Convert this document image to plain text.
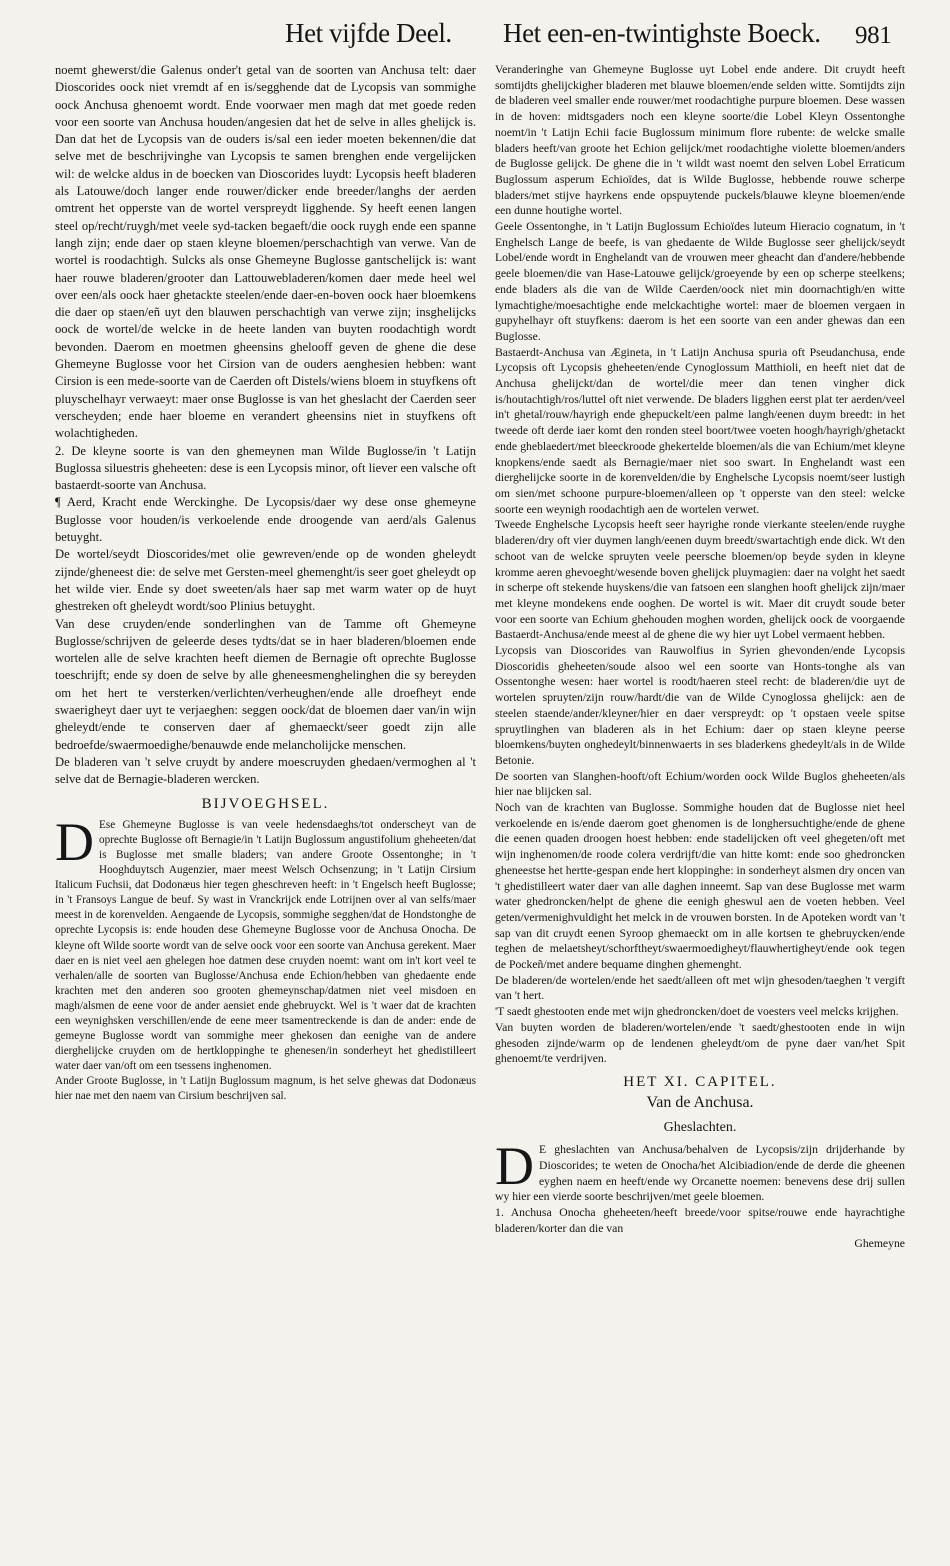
Het vijfde Deel. Het een-en-twintighste Boeck. 981

noemt ghewerst/die Galenus onder't getal van de soorten van Anchusa telt: daer Dioscorides oock niet vremdt af en is/segghende dat de Lycopsis van sommighe oock Anchusa ghenoemt wordt. Ende voorwaer men magh dat met goede reden voor een soorte van Anchusa houden/angesien dat het de selve in alles ghelijck is. Dan dat het de Lycopsis van de ouders is/sal een ieder moeten bekennen/die dat selve met de beschrijvinghe van Lycopsis te samen brenghen ende vergelijcken wil: de welcke aldus in de boecken van Dioscorides luydt: Lycopsis heeft bladeren als Latouwe/doch langer ende rouwer/dicker ende breeder/langhs der aerden omtrent het opperste van de wortel verspreydt ligghende. Sy heeft eenen langen steel op/recht/ruygh/met veele syd-tacken begaeft/die oock ruygh ende een spanne langh zijn; ende daer op staen kleyne bloemen/perschachtigh van verwe. Van de wortel is roodachtigh. Sulcks als onse Ghemeyne Buglosse gantschelijck is: want haer rouwe bladeren/grooter dan Lattouwebladeren/komen daer mede heel wel over een/als oock haer ghetackte steelen/ende daer-en-boven oock haer bloemkens die daer op staen/eñ uyt den blauwen perschachtigh van verwe zijn; insghelijcks oock de wortel/de welcke in de heete landen van buyten roodachtigh wordt bevonden. Daerom en moetmen gheensins ghelooff geven de ghene die dese Ghemeyne Buglosse voor het Cirsion van de ouders aenghesien hebben: want Cirsion is een mede-soorte van de Caerden oft Distels/wiens bloem in stuyfkens oft pluyschelhayr verwaeyt: maer onse Buglosse is van het gheslacht der Caerden seer verscheyden; ende haer bloeme en verandert gheensins niet in stuyfkens oft wolachtigheden.

2. De kleyne soorte is van den ghemeynen man Wilde Buglosse/in 't Latijn Buglossa siluestris gheheeten: dese is een Lycopsis minor, oft liever een valsche oft bastaerdt-soorte van Anchusa.

¶ Aerd, Kracht ende Werckinghe. De Lycopsis/daer wy dese onse ghemeyne Buglosse voor houden/is verkoelende ende droogende van aerd/als Galenus betuyght.

De wortel/seydt Dioscorides/met olie gewreven/ende op de wonden gheleydt zijnde/gheneest die: de selve met Gersten-meel ghemenght/is seer goet gheleydt op het wilde vier. Ende sy doet sweeten/als haer sap met warm water op de huyt ghestreken oft gheleydt wordt/soo Plinius betuyght.

Van dese cruyden/ende sonderlinghen van de Tamme oft Ghemeyne Buglosse/schrijven de geleerde deses tydts/dat se in haer bladeren/bloemen ende wortelen alle de selve krachten heeft diemen de Bernagie oft oprechte Buglosse toeschrijft; ende sy doen de selve by alle gheneesmenghelinghen die sy bereyden om het hert te versterken/verlichten/verheughen/ende alle droefheyt ende swaerigheyt daer uyt te verjaeghen: seggen oock/dat de bloemen daer van/in wijn gheleydt/ende te conserven daer af ghemaeckt/seer goedt zijn alle bedroefde/swaermoedighe/benauwde ende melancholijcke menschen.

De bladeren van 't selve cruydt by andere moescruyden ghedaen/vermoghen al 't selve dat de Bernagie-bladeren wercken.

BIJVOEGHSEL.

D Ese Ghemeyne Buglosse is van veele hedensdaeghs/tot onderscheyt van de oprechte Buglosse oft Bernagie/in 't Latijn Buglossum angustifolium gheheeten/dat is Buglosse met smalle bladers; van andere Groote Ossentonghe; in 't Hooghduytsch Augenzier, maer meest Welsch Ochsenzung; in 't Latijn Cirsium Italicum Fuchsii, dat Dodonæus hier tegen gheschreven heeft: in 't Engelsch heeft Buglosse; in 't Fransoys Langue de beuf. Sy wast in Vranckrijck ende Lotrijnen over al van selfs/maer meest in de korenvelden. Aengaende de Lycopsis, sommighe segghen/dat de Hondstonghe de oprechte Lycopsis is: ende houden dese Ghemeyne Buglosse voor de Anchusa Onocha. De kleyne oft Wilde soorte wordt van de selve oock voor een soorte van Anchusa gerekent. Maer daer en is niet veel aen ghelegen hoe datmen dese cruyden noemt: want om in't kort veel te verhalen/alle de soorten van Buglosse/Anchusa ende Echion/hebben van ghedaente ende krachten met den anderen soo grooten ghemeynschap/datmen niet veel misdoen en magh/alsmen de eene voor de ander aensiet ende ghebruyckt. Wel is 't waer dat de krachten een weynighsken verschillen/ende de eene meer tsamentreckende is dan de ander: ende de gemeyne Buglosse wordt van sommighe meer ghekosen dan eenighe van de andere dierghelijcke cruyden om de hertkloppinghe te ghenesen/in sonderheyt het ghedistilleert water daer van/oft om een tsessens inghenomen.

Ander Groote Buglosse, in 't Latijn Buglossum magnum, is het selve ghewas dat Dodonæus hier nae met den naem van Cirsium beschrijven sal.

Veranderinghe van Ghemeyne Buglosse uyt Lobel ende andere. Dit cruydt heeft somtijdts ghelijckigher bladeren met blauwe bloemen/ende selden witte. Somtijdts zijn de bladeren veel smaller ende rouwer/met roodachtighe purpure bloemen. Dese wassen in de hoven: midtsgaders noch een kleyne soorte/die Lobel Kleyn Ossentonghe noemt/in 't Latijn Echii facie Buglossum minimum flore rubente: de welcke smalle bladers heeft/van groote het Echion gelijck/met roodachtighe violette bloemen/anders de Buglosse gelijck. De ghene die in 't wildt wast noemt den selven Lobel Erraticum Buglossum asperum Echioïdes, dat is Wilde Buglosse, hebbende rouwe scherpe bladers/met stijve hayrkens ende opspuytende puckels/blauwe kleyne bloemen/ende een dunne houtighe wortel.

Geele Ossentonghe, in 't Latijn Buglossum Echioïdes luteum Hieracio cognatum, in 't Enghelsch Lange de beefe, is van ghedaente de Wilde Buglosse seer ghelijck/seydt Lobel/ende wordt in Enghelandt van de vrouwen meer gheacht dan d'andere/hebbende geele bloemen/die van Hase-Latouwe gelijck/groeyende by een op scherpe steelkens; ende bladers als die van de Wilde Caerden/oock niet min doornachtigh/en witte lymachtighe/moesachtighe ende melckachtighe wortel: maer de bloemen vergaen in gupyhelhayr oft stuyfkens: daerom is het een soorte van een ander ghewas dan een Buglosse.

Bastaerdt-Anchusa van Ægineta, in 't Latijn Anchusa spuria oft Pseudanchusa, ende Lycopsis oft Lycopsis gheheeten/ende Cynoglossum Matthioli, en heeft niet dat de Anchusa ghelijckt/dan de wortel/die meer dan tenen vingher dick is/houtachtigh/ros/luttel oft niet verwende. De bladers ligghen eerst plat ter aerden/veel in't ghetal/rouw/hayrigh ende ghepuckelt/een palme langh/eenen duym breedt: in het tweede oft derde iaer komt den ronden steel boort/twee voeten hoogh/hayrigh/ghetackt ende gheblaedert/met bleeckroode ghekertelde bloemen/als die van Echium/met kleyne knopkens/ende saedt als Bernagie/maer niet soo swart. In Enghelandt wast een dierghelijcke soorte in de korenvelden/die by Enghelsche Lycopsis noemt/seer lustigh om sien/met schoone purpure-bloemen/alleen op 't opperste van den steel: welcke soorte een weynigh roodachtigh aen de wortelen verwet.

Tweede Enghelsche Lycopsis heeft seer hayrighe ronde vierkante steelen/ende ruyghe bladeren/dry oft vier duymen langh/eenen duym breedt/swartachtigh ende dick. Wt den schoot van de welcke spruyten veele peersche bloemen/op beyde syden in kleyne kromme aeren ghevoeght/wesende boven ghelijck pluymagien: daer na volght het saedt in scherpe oft stekende huyskens/die van fatsoen een slanghen hooft ghelijck zijn/maer met kleyne mondekens ende ooghen. De wortel is wit. Maer dit cruydt soude beter voor een soorte van Echium ghehouden moghen worden, ghelijck oock de voorgaende Bastaerdt-Anchusa/ende meest al de ghene die wy hier uyt Lobel vermaent hebben.

Lycopsis van Dioscorides van Rauwolfius in Syrien ghevonden/ende Lycopsis Dioscoridis gheheeten/soude alsoo wel een soorte van Honts-tonghe als van Ossentonghe wesen: haer wortel is roodt/haeren steel recht: de bladeren/die uyt de wortelen spruyten/zijn rouw/hardt/die van de Wilde Cynoglossa ghelijck: aen de steelen staende/ander/kleyner/hier en daer verspreydt: op 't opstaen veele spitse spruytlinghen van bladeren als in het Echium: daer op staen kleyne peerse bloemkens/buyten onghedeylt/binnenwaerts in ses bladerkens ghedeylt/als in de Wilde Betonie.

De soorten van Slanghen-hooft/oft Echium/worden oock Wilde Buglos gheheeten/als hier nae blijcken sal.

Noch van de krachten van Buglosse. Sommighe houden dat de Buglosse niet heel verkoelende en is/ende daerom goet ghenomen is de longhersuchtighe/ende de ghene die eenen quaden droogen hoest hebben: ende stadelijcken oft veel ghegeten/oft met wijn inghenomen/de roode colera verdrijft/die van hitte komt: ende soo ghedroncken gheneestse het hertte-gespan ende hert kloppinghe: in sonderheyt alsmen dry oncen van 't ghedistilleert water daer van alle daghen inneemt. Sap van dese Buglosse met warm water ghedroncken/helpt de ghene die eenigh gheswul aen de voeten hebben. Veel geten/vermenighvuldight het melck in de vrouwen borsten. In de Apoteken wordt van 't sap van dit cruydt eenen Syroop ghemaeckt om in alle kortsen te ghebruycken/ende teghen de melaetsheyt/schorftheyt/swaermoedigheyt/flauwhertigheyt/ende ook tegen de Pockeñ/met andere bequame dinghen ghemenght.

De bladeren/de wortelen/ende het saedt/alleen oft met wijn ghesoden/taeghen 't vergift van 't hert.

'T saedt ghestooten ende met wijn ghedroncken/doet de voesters veel melcks krijghen.

Van buyten worden de bladeren/wortelen/ende 't saedt/ghestooten ende in wijn ghesoden zijnde/warm op de lendenen gheleydt/om de pyne daer van/het Spit ghenoemt/te verdrijven.

HET XI. CAPITEL.
Van de Anchusa.
Gheslachten.

D E gheslachten van Anchusa/behalven de Lycopsis/zijn drijderhande by Dioscorides; te weten de Onocha/het Alcibiadion/ende de derde die gheenen eyghen naem en heeft/ende wy Orcanette noemen: benevens dese drij sullen wy hier een vierde soorte beschrijven/met geele bloemen.

1. Anchusa Onocha gheheeten/heeft breede/voor spitse/rouwe ende hayrachtighe bladeren/korter dan die van

Ghemeyne
